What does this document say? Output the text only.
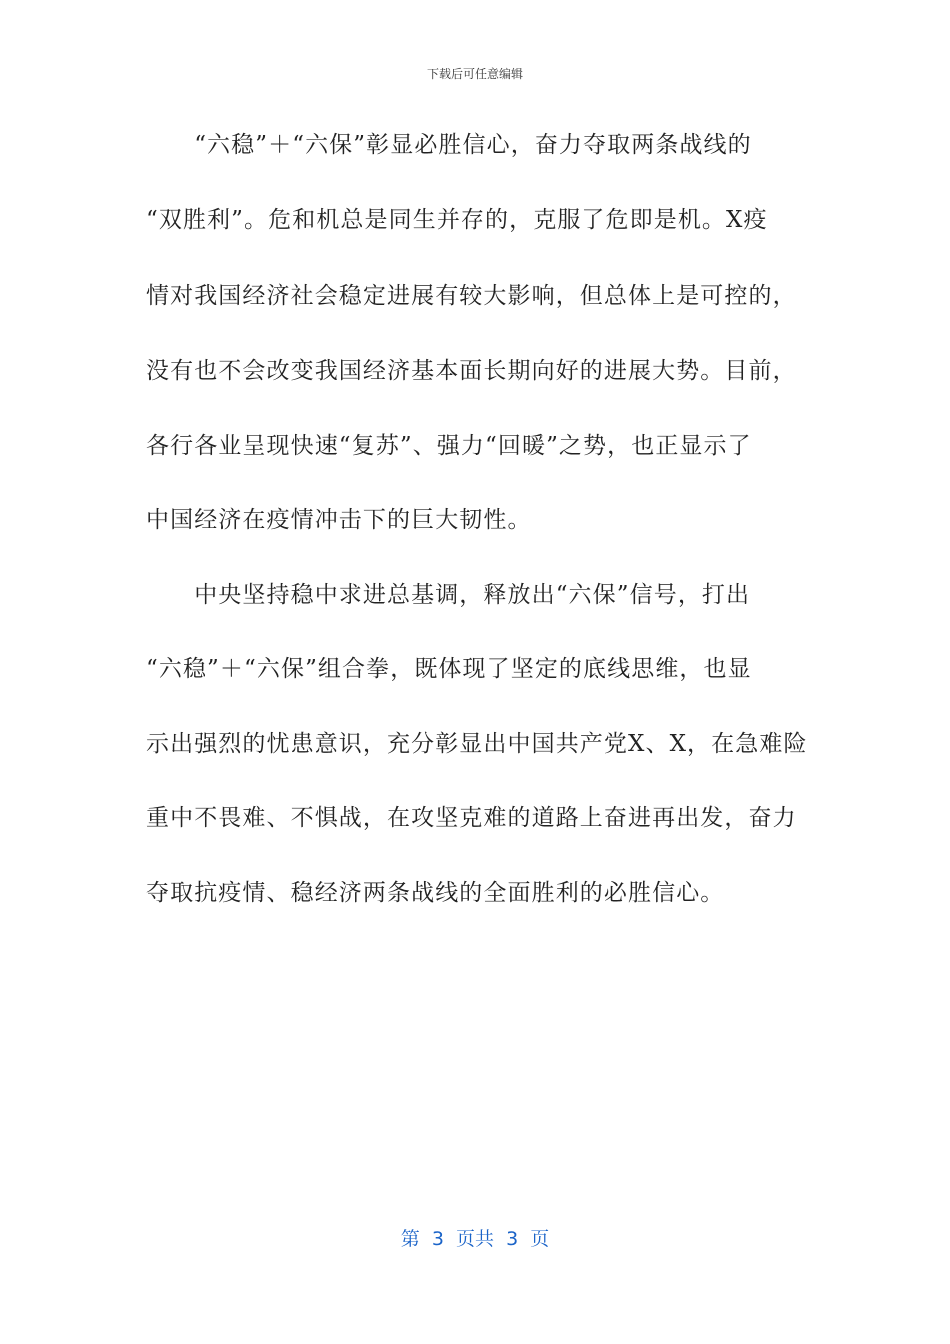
下载后可任意编辑
　　“六稳”＋“六保”彰显必胜信心，奋力夺取两条战线的
“双胜利”。危和机总是同生并存的，克服了危即是机。X疫
情对我国经济社会稳定进展有较大影响，但总体上是可控的，
没有也不会改变我国经济基本面长期向好的进展大势。目前，
各行各业呈现快速“复苏”、强力“回暖”之势，也正显示了
中国经济在疫情冲击下的巨大韧性。
　　中央坚持稳中求进总基调，释放出“六保”信号，打出
“六稳”＋“六保”组合拳，既体现了坚定的底线思维，也显
示出强烈的忧患意识，充分彰显出中国共产党X、X，在急难险
重中不畏难、不惧战，在攻坚克难的道路上奋进再出发，奋力
夺取抗疫情、稳经济两条战线的全面胜利的必胜信心。
第  3  页共  3  页
